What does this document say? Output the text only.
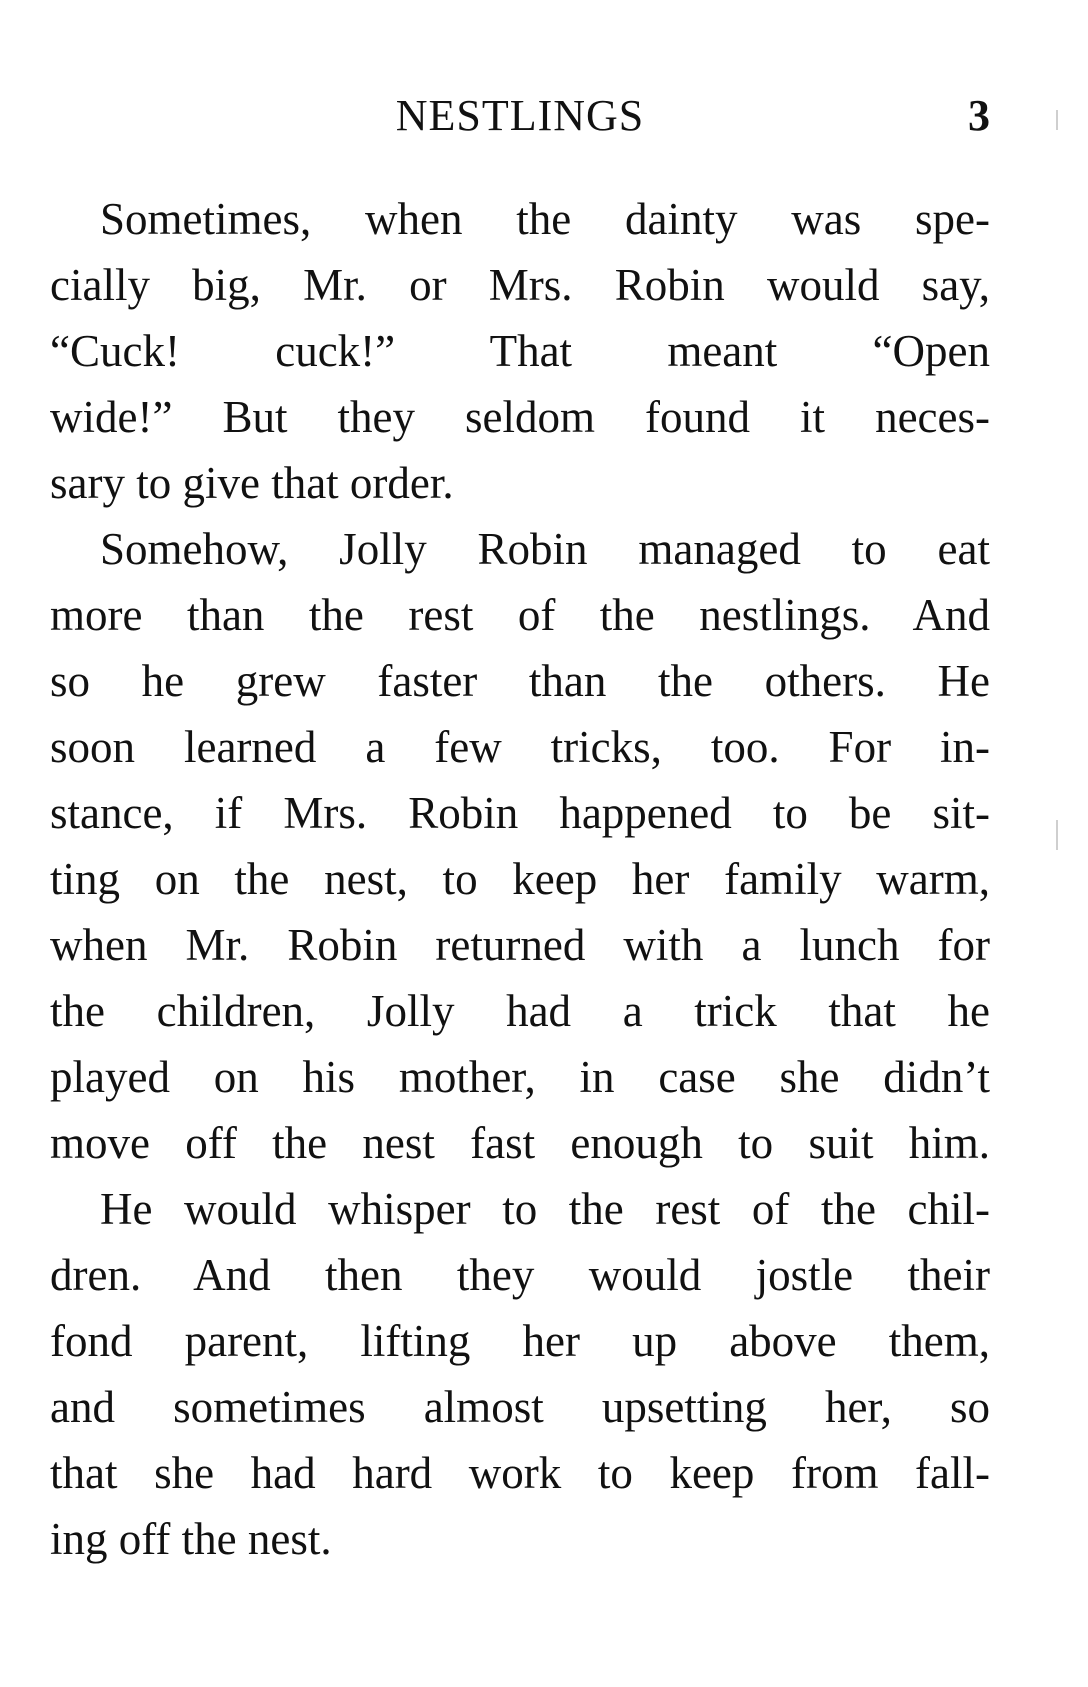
NESTLINGS	3
Sometimes, when the dainty was spe-
cially big, Mr. or Mrs. Robin would say,
“Cuck! cuck!” That meant “Open
wide!” But they seldom found it neces-
sary to give that order.
Somehow, Jolly Robin managed to eat
more than the rest of the nestlings. And
so he grew faster than the others. He
soon learned a few tricks, too. For in-
stance, if Mrs. Robin happened to be sit-
ting on the nest, to keep her family warm,
when Mr. Robin returned with a lunch for
the children, Jolly had a trick that he
played on his mother, in case she didn’t
move off the nest fast enough to suit him.
He would whisper to the rest of the chil-
dren. And then they would jostle their
fond parent, lifting her up above them,
and sometimes almost upsetting her, so
that she had hard work to keep from fall-
ing off the nest.
